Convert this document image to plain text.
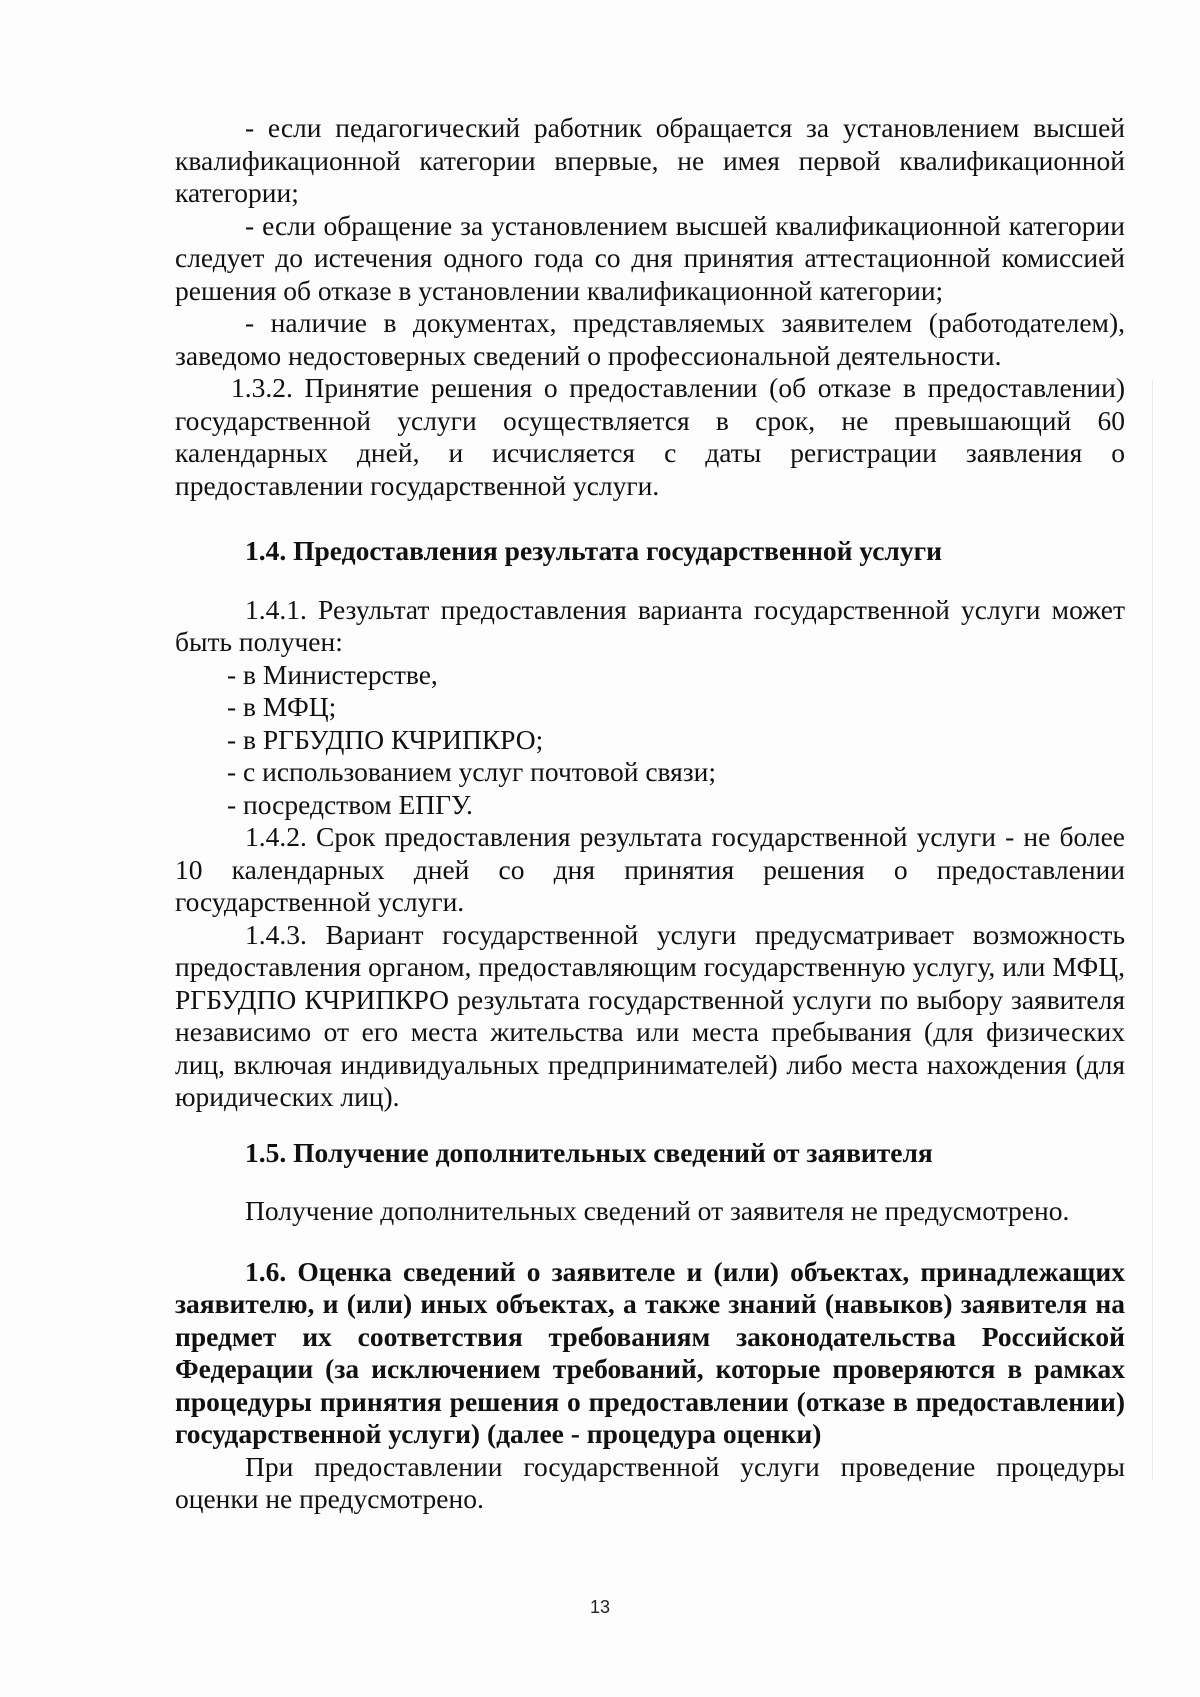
- если педагогический работник обращается за установлением высшей квалификационной категории впервые, не имея первой квалификационной категории;

- если обращение за установлением высшей квалификационной категории следует до истечения одного года со дня принятия аттестационной комиссией решения об отказе в установлении квалификационной категории;

- наличие в документах, представляемых заявителем (работодателем), заведомо недостоверных сведений о профессиональной деятельности.

1.3.2. Принятие решения о предоставлении (об отказе в предоставлении) государственной услуги осуществляется в срок, не превышающий 60 календарных дней, и исчисляется с даты регистрации заявления о предоставлении государственной услуги.

1.4. Предоставления результата государственной услуги

1.4.1. Результат предоставления варианта государственной услуги может быть получен:

- в Министерстве,

- в МФЦ;

- в РГБУДПО КЧРИПКРО;

- с использованием услуг почтовой связи;

- посредством ЕПГУ.

1.4.2. Срок предоставления результата государственной услуги - не более 10 календарных дней со дня принятия решения о предоставлении государственной услуги.

1.4.3. Вариант государственной услуги предусматривает возможность предоставления органом, предоставляющим государственную услугу, или МФЦ, РГБУДПО КЧРИПКРО результата государственной услуги по выбору заявителя независимо от его места жительства или места пребывания (для физических лиц, включая индивидуальных предпринимателей) либо места нахождения (для юридических лиц).

1.5. Получение дополнительных сведений от заявителя

Получение дополнительных сведений от заявителя не предусмотрено.

1.6. Оценка сведений о заявителе и (или) объектах, принадлежащих заявителю, и (или) иных объектах, а также знаний (навыков) заявителя на предмет их соответствия требованиям законодательства Российской Федерации (за исключением требований, которые проверяются в рамках процедуры принятия решения о предоставлении (отказе в предоставлении) государственной услуги) (далее - процедура оценки)

При предоставлении государственной услуги проведение процедуры оценки не предусмотрено.

13
